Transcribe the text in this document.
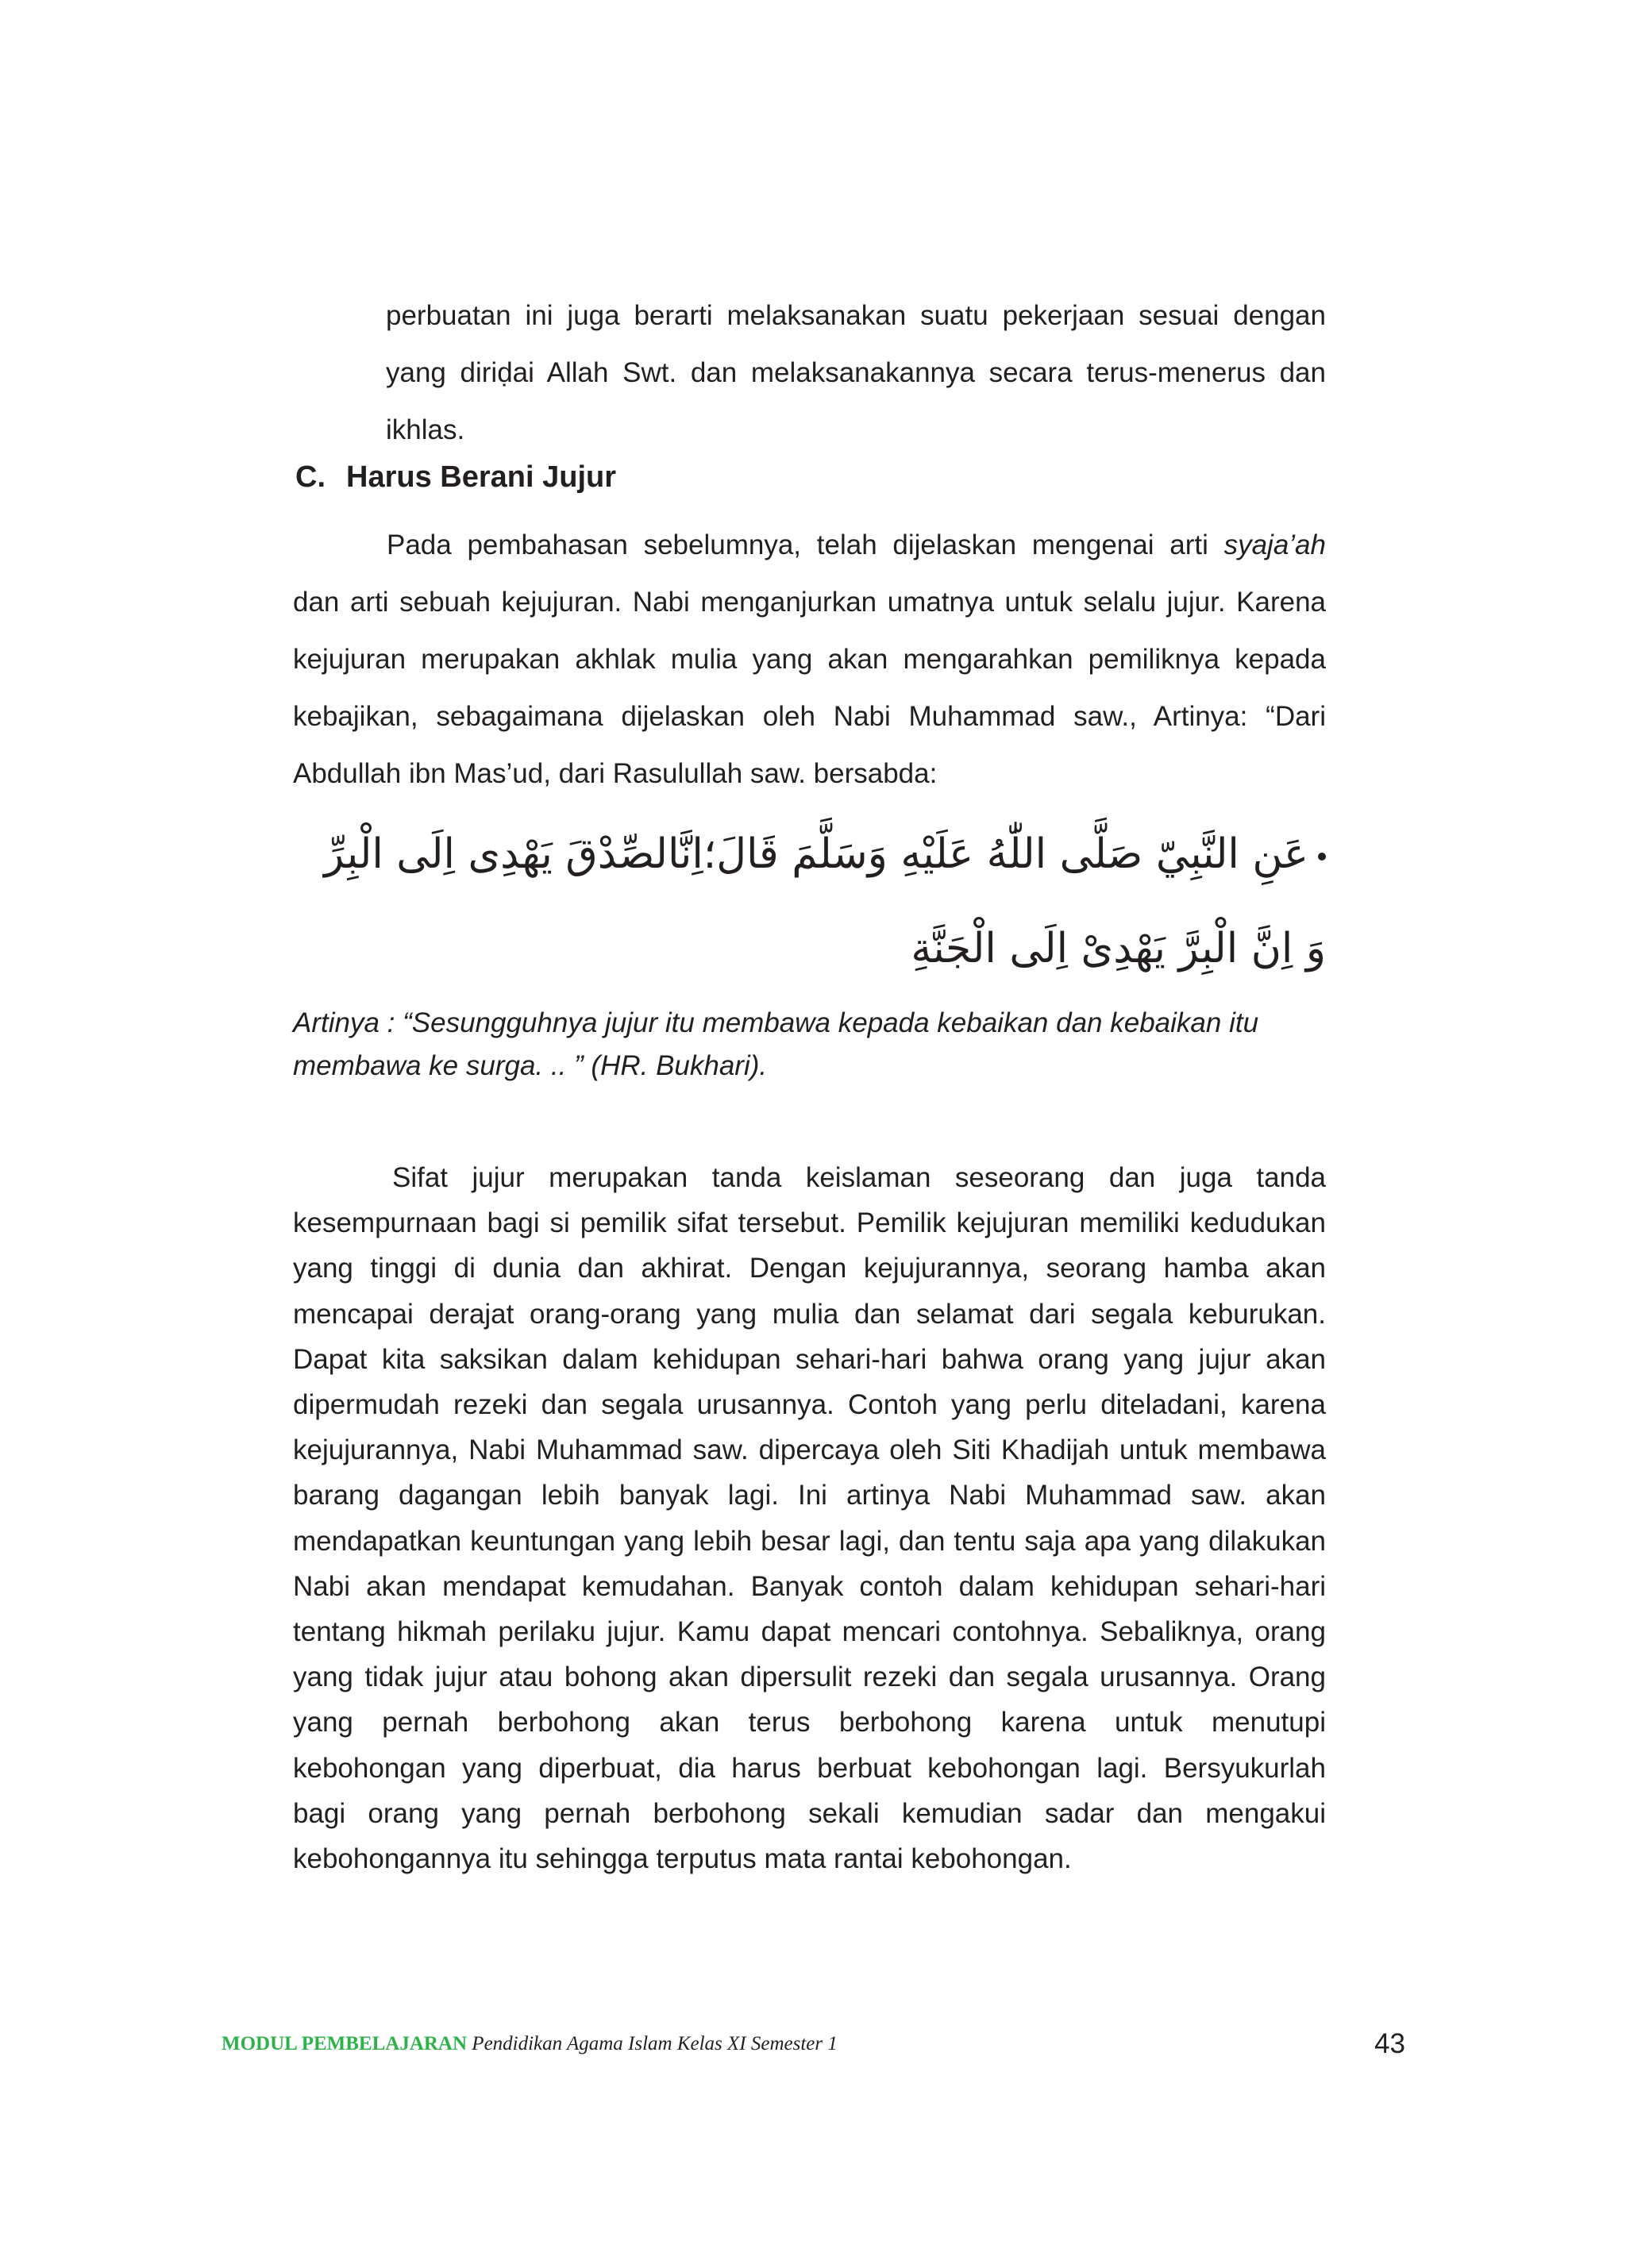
perbuatan ini juga berarti melaksanakan suatu pekerjaan sesuai dengan
yang diriḍai Allah Swt. dan melaksanakannya secara terus-menerus dan
ikhlas.
C. Harus Berani Jujur
Pada pembahasan sebelumnya, telah dijelaskan mengenai arti syaja’ah
dan arti sebuah kejujuran. Nabi menganjurkan umatnya untuk selalu jujur. Karena
kejujuran merupakan akhlak mulia yang akan mengarahkan pemiliknya kepada
kebajikan, sebagaimana dijelaskan oleh Nabi Muhammad saw., Artinya: “Dari
Abdullah ibn Mas’ud, dari Rasulullah saw. bersabda:
عَنِ النَّبِيّ صَلَّى اللّٰهُ عَلَيْهِ وَسَلَّمَ قَالَ؛اِنَّالصِّدْقَ يَهْدِى اِلَى الْبِرِّ
وَ اِنَّ الْبِرَّ يَهْدِىْ اِلَى الْجَنَّةِ
Artinya : “Sesungguhnya jujur itu membawa kepada kebaikan dan kebaikan itu
membawa ke surga. .. ” (HR. Bukhari).
Sifat jujur merupakan tanda keislaman seseorang dan juga tanda
kesempurnaan bagi si pemilik sifat tersebut. Pemilik kejujuran memiliki kedudukan
yang tinggi di dunia dan akhirat. Dengan kejujurannya, seorang hamba akan
mencapai derajat orang-orang yang mulia dan selamat dari segala keburukan.
Dapat kita saksikan dalam kehidupan sehari-hari bahwa orang yang jujur akan
dipermudah rezeki dan segala urusannya. Contoh yang perlu diteladani, karena
kejujurannya, Nabi Muhammad saw. dipercaya oleh Siti Khadijah untuk membawa
barang dagangan lebih banyak lagi. Ini artinya Nabi Muhammad saw. akan
mendapatkan keuntungan yang lebih besar lagi, dan tentu saja apa yang dilakukan
Nabi akan mendapat kemudahan. Banyak contoh dalam kehidupan sehari-hari
tentang hikmah perilaku jujur. Kamu dapat mencari contohnya. Sebaliknya, orang
yang tidak jujur atau bohong akan dipersulit rezeki dan segala urusannya. Orang
yang pernah berbohong akan terus berbohong karena untuk menutupi
kebohongan yang diperbuat, dia harus berbuat kebohongan lagi. Bersyukurlah
bagi orang yang pernah berbohong sekali kemudian sadar dan mengakui
kebohongannya itu sehingga terputus mata rantai kebohongan.
MODUL PEMBELAJARAN Pendidikan Agama Islam Kelas XI Semester 1	43
